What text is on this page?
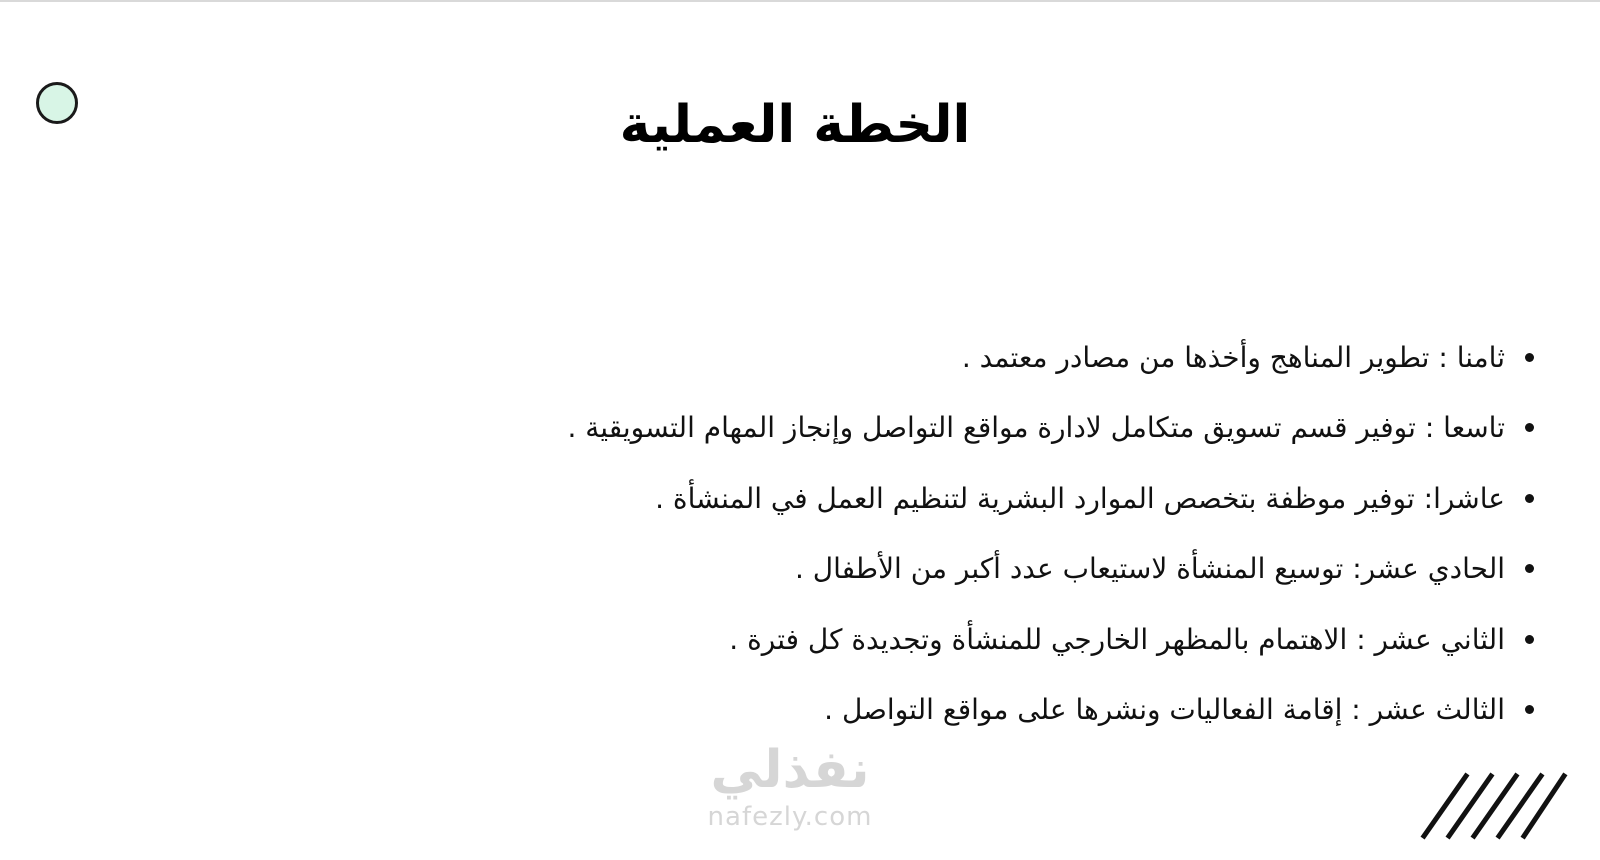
الخطة العملية
ثامنا : تطوير المناهج وأخذها من مصادر معتمد .
تاسعا : توفير قسم تسويق متكامل لادارة مواقع التواصل وإنجاز المهام التسويقية .
عاشرا: توفير موظفة بتخصص الموارد البشرية لتنظيم العمل في المنشأة .
الحادي عشر: توسيع المنشأة لاستيعاب عدد أكبر من الأطفال .
الثاني عشر : الاهتمام بالمظهر الخارجي للمنشأة وتجديدة كل فترة .
الثالث عشر : إقامة الفعاليات ونشرها على مواقع التواصل .
نفذلي
nafezly.com
